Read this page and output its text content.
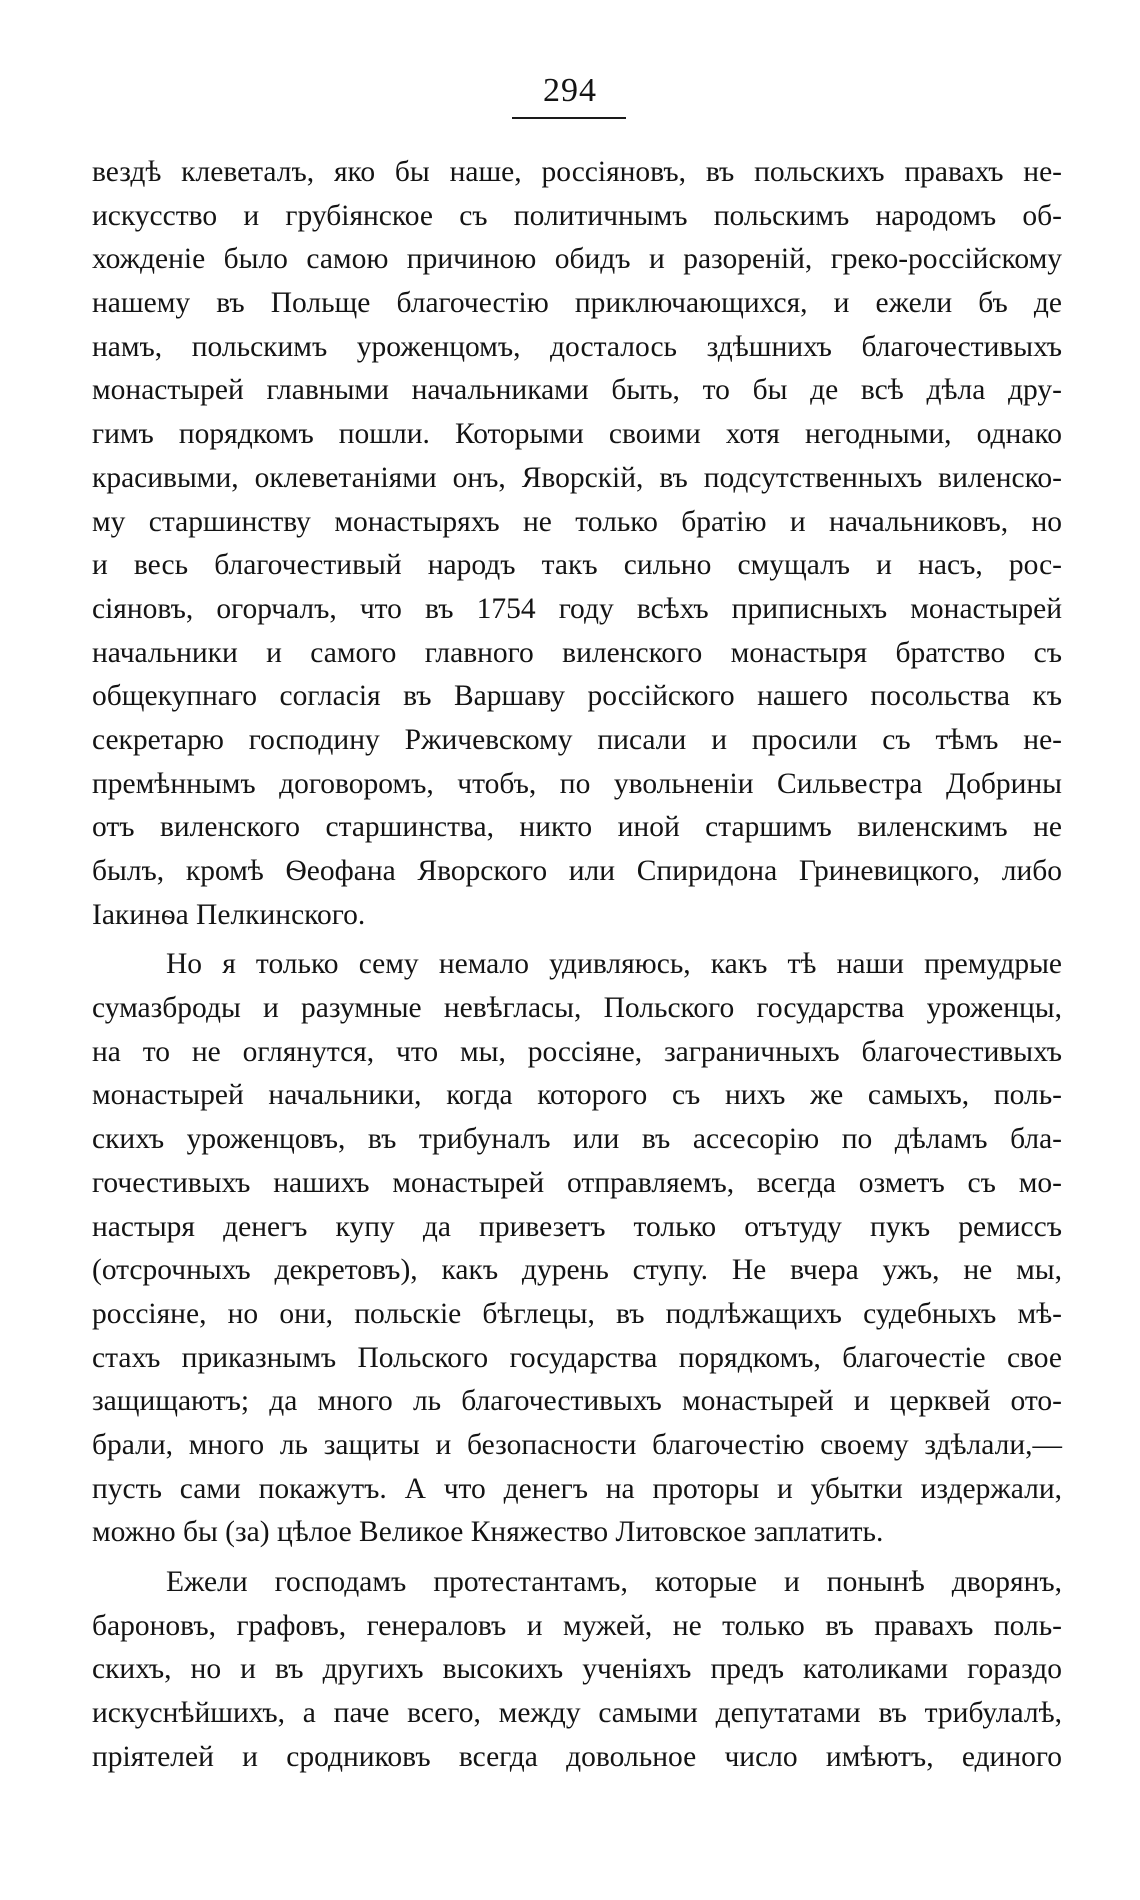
294
вездѣ клеветалъ, яко бы наше, россiяновъ, въ польскихъ правахъ не-
искусство и грубiянское съ политичнымъ польскимъ народомъ об-
хожденiе было самою причиною обидъ и разоренiй, греко-россiйскому
нашему въ Польще благочестiю приключающихся, и ежели бъ де
намъ, польскимъ уроженцомъ, досталось здѣшнихъ благочестивыхъ
монастырей главными начальниками быть, то бы де всѣ дѣла дру-
гимъ порядкомъ пошли. Которыми своими хотя негодными, однако
красивыми, оклеветанiями онъ, Яворскiй, въ подсутственныхъ виленско-
му старшинству монастыряхъ не только братiю и начальниковъ, но
и весь благочестивый народъ такъ сильно смущалъ и насъ, рос-
сiяновъ, огорчалъ, что въ 1754 году всѣхъ приписныхъ монастырей
начальники и самого главного виленского монастыря братство съ
общекупнаго согласiя въ Варшаву россiйского нашего посольства къ
секретарю господину Ржичевскому писали и просили съ тѣмъ не-
премѣннымъ договоромъ, чтобъ, по увольненiи Сильвестра Добрины
отъ виленского старшинства, никто иной старшимъ виленскимъ не
былъ, кромѣ Ѳеофана Яворского или Спиридона Гриневицкого, либо
Iакинѳа Пелкинского.
Но я только сему немало удивляюсь, какъ тѣ наши премудрые
сумазброды и разумные невѣгласы, Польского государства уроженцы,
на то не оглянутся, что мы, россiяне, заграничныхъ благочестивыхъ
монастырей начальники, когда которого съ нихъ же самыхъ, поль-
скихъ уроженцовъ, въ трибуналъ или въ ассесорiю по дѣламъ бла-
гочестивыхъ нашихъ монастырей отправляемъ, всегда озметъ съ мо-
настыря денегъ купу да привезетъ только отътуду пукъ ремиссъ
(отсрочныхъ декретовъ), какъ дурень ступу. Не вчера ужъ, не мы,
россiяне, но они, польскiе бѣглецы, въ подлѣжащихъ судебныхъ мѣ-
стахъ приказнымъ Польского государства порядкомъ, благочестiе свое
защищаютъ; да много ль благочестивыхъ монастырей и церквей ото-
брали, много ль защиты и безопасности благочестiю своему здѣлали,—
пусть сами покажутъ. А что денегъ на проторы и убытки издержали,
можно бы (за) цѣлое Великое Княжество Литовское заплатить.
Ежели господамъ протестантамъ, которые и понынѣ дворянъ,
бароновъ, графовъ, генераловъ и мужей, не только въ правахъ поль-
скихъ, но и въ другихъ высокихъ ученiяхъ предъ католиками гораздо
искуснѣйшихъ, а паче всего, между самыми депутатами въ трибулалѣ,
прiятелей и сродниковъ всегда довольное число имѣютъ, единого
